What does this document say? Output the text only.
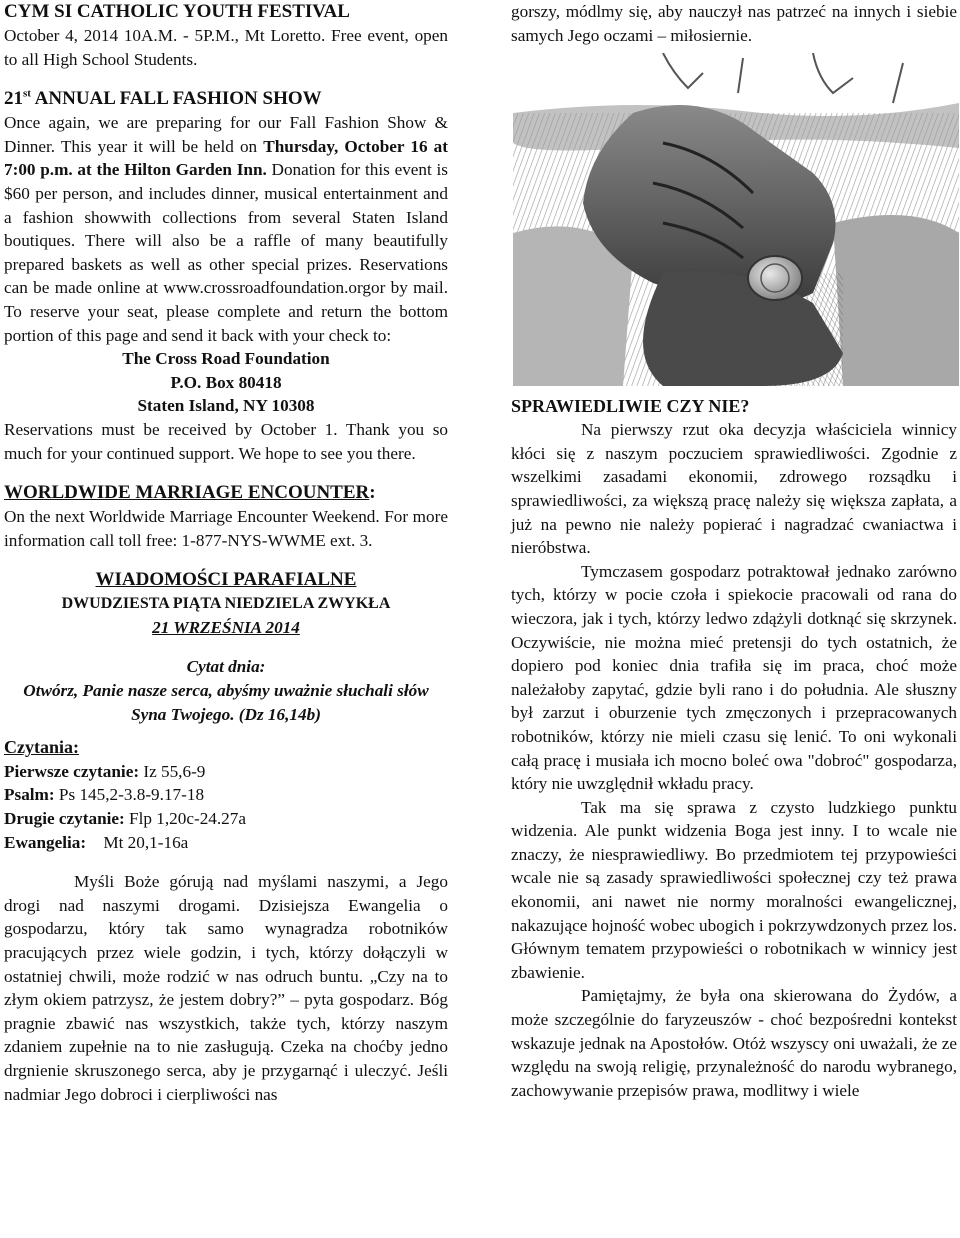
CYM SI CATHOLIC YOUTH FESTIVAL

October 4, 2014 10A.M. - 5P.M., Mt Loretto. Free event, open to all High School Students.

21st ANNUAL FALL FASHION SHOW

Once again, we are preparing for our Fall Fashion Show & Dinner. This year it will be held on Thursday, October 16 at 7:00 p.m. at the Hilton Garden Inn. Donation for this event is $60 per person, and includes dinner, musical entertainment and a fashion showwith collections from several Staten Island boutiques. There will also be a raffle of many beautifully prepared baskets as well as other special prizes. Reservations can be made online at www.crossroadfoundation.orgor by mail. To reserve your seat, please complete and return the bottom portion of this page and send it back with your check to:

The Cross Road Foundation

P.O. Box 80418

Staten Island, NY 10308

Reservations must be received by October 1. Thank you so much for your continued support. We hope to see you there.

WORLDWIDE MARRIAGE ENCOUNTER:

On the next Worldwide Marriage Encounter Weekend. For more information call toll free: 1-877-NYS-WWME ext. 3.

WIADOMOŚCI PARAFIALNE

DWUDZIESTA PIĄTA NIEDZIELA ZWYKŁA

21 WRZEŚNIA 2014

Cytat dnia:

Otwórz, Panie nasze serca, abyśmy uważnie słuchali słów Syna Twojego. (Dz 16,14b)

Czytania:

Pierwsze czytanie: Iz 55,6-9

Psalm: Ps 145,2-3.8-9.17-18

Drugie czytanie: Flp 1,20c-24.27a

Ewangelia:    Mt 20,1-16a

Myśli Boże górują nad myślami naszymi, a Jego drogi nad naszymi drogami. Dzisiejsza Ewangelia o gospodarzu, który tak samo wynagradza robotników pracujących przez wiele godzin, i tych, którzy dołączyli w ostatniej chwili, może rodzić w nas odruch buntu. „Czy na to złym okiem patrzysz, że jestem dobry?” – pyta gospodarz. Bóg pragnie zbawić nas wszystkich, także tych, którzy naszym zdaniem zupełnie na to nie zasługują. Czeka na choćby jedno drgnienie skruszonego serca, aby je przygarnąć i uleczyć. Jeśli nadmiar Jego dobroci i cierpliwości nas

gorszy, módlmy się, aby nauczył nas patrzeć na innych i siebie samych Jego oczami – miłosiernie.

SPRAWIEDLIWIE CZY NIE?

Na pierwszy rzut oka decyzja właściciela winnicy kłóci się z naszym poczuciem sprawiedliwości. Zgodnie z wszelkimi zasadami ekonomii, zdrowego rozsądku i sprawiedliwości, za większą pracę należy się większa zapłata, a już na pewno nie należy popierać i nagradzać cwaniactwa i nieróbstwa.

Tymczasem gospodarz potraktował jednako zarówno tych, którzy w pocie czoła i spiekocie pracowali od rana do wieczora, jak i tych, którzy ledwo zdążyli dotknąć się skrzynek. Oczywiście, nie można mieć pretensji do tych ostatnich, że dopiero pod koniec dnia trafiła się im praca, choć może należałoby zapytać, gdzie byli rano i do południa. Ale słuszny był zarzut i oburzenie tych zmęczonych i przepracowanych robotników, którzy nie mieli czasu się lenić. To oni wykonali całą pracę i musiała ich mocno boleć owa "dobroć" gospodarza, który nie uwzględnił wkładu pracy.

Tak ma się sprawa z czysto ludzkiego punktu widzenia. Ale punkt widzenia Boga jest inny. I to wcale nie znaczy, że niesprawiedliwy. Bo przedmiotem tej przypowieści wcale nie są zasady sprawiedliwości społecznej czy też prawa ekonomii, ani nawet nie normy moralności ewangelicznej, nakazujące hojność wobec ubogich i pokrzywdzonych przez los. Głównym tematem przypowieści o robotnikach w winnicy jest zbawienie.

Pamiętajmy, że była ona skierowana do Żydów, a może szczególnie do faryzeuszów - choć bezpośredni kontekst wskazuje jednak na Apostołów. Otóż wszyscy oni uważali, że ze względu na swoją religię, przynależność do narodu wybranego, zachowywanie przepisów prawa, modlitwy i wiele
